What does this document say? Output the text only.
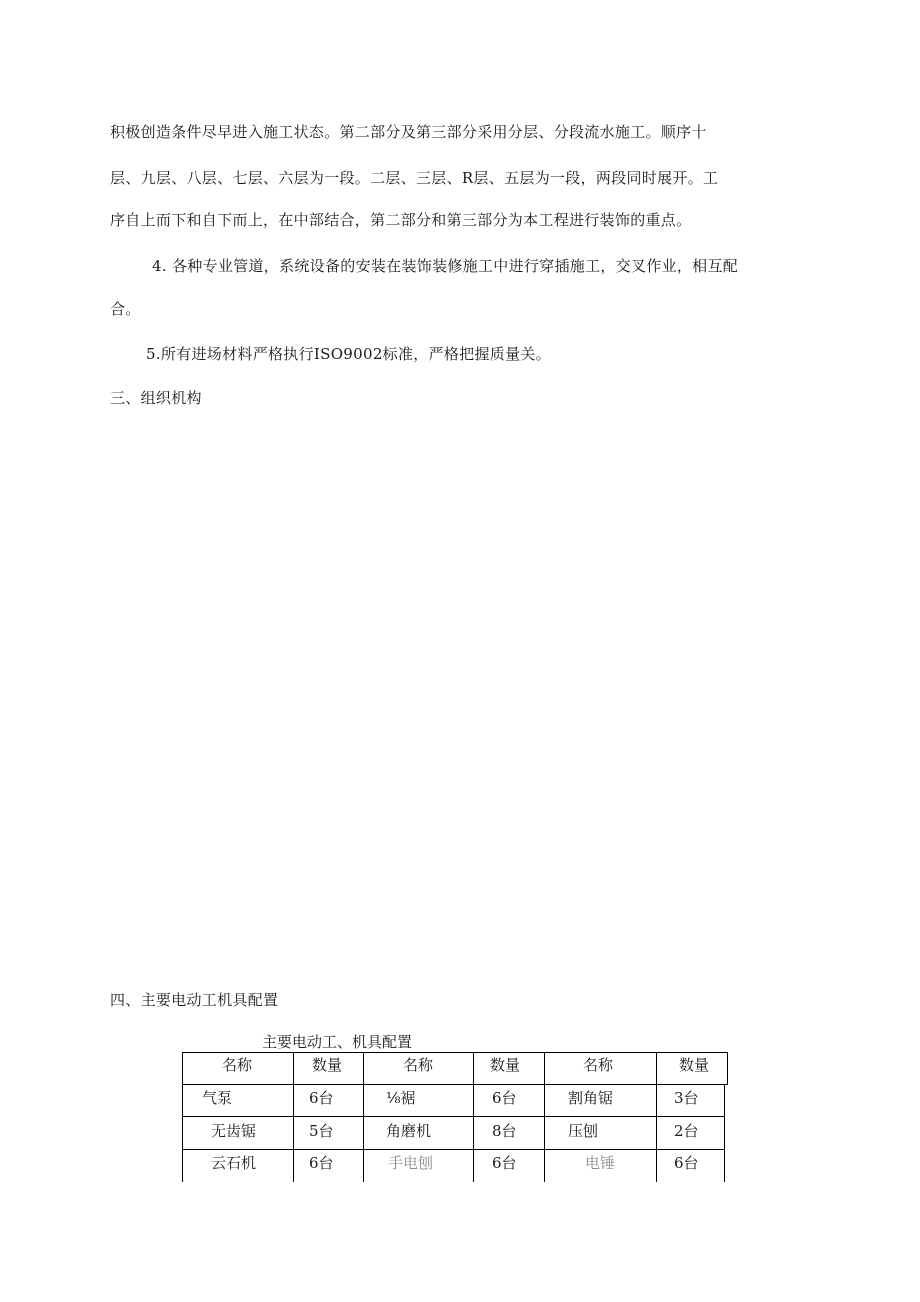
积极创造条件尽早进入施工状态。第二部分及第三部分采用分层、分段流水施工。顺序十
层、九层、八层、七层、六层为一段。二层、三层、R层、五层为一段，两段同时展开。工
序自上而下和自下而上，在中部结合，第二部分和第三部分为本工程进行装饰的重点。
4. 各种专业管道，系统设备的安装在装饰装修施工中进行穿插施工，交叉作业，相互配
合。
5.所有进场材料严格执行ISO9002标准，严格把握质量关。
三、组织机构
四、主要电动工机具配置
主要电动工、机具配置
名称	数量	名称	数量	名称	数量
气泵	6台	⅛裾	6台	割角锯	3台
无齿锯	5台	角磨机	8台	压刨	2台
云石机	6台	手电刨	6台	电锤	6台
